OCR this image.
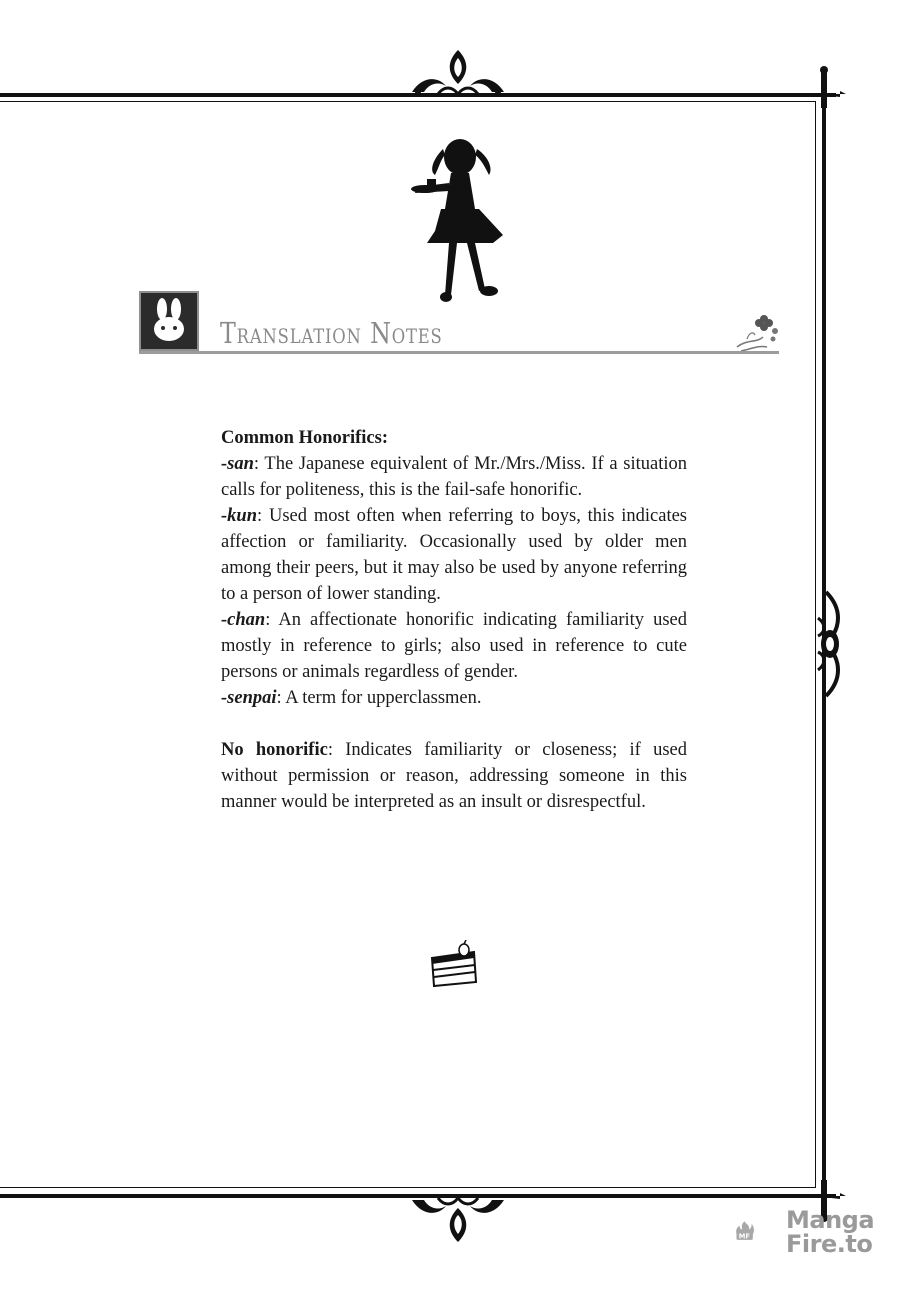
Translation Notes

Common Honorifics:

-san: The Japanese equivalent of Mr./Mrs./Miss. If a situation calls for politeness, this is the fail-safe honorific.

-kun: Used most often when referring to boys, this indicates affection or familiarity. Occasionally used by older men among their peers, but it may also be used by anyone referring to a person of lower standing.

-chan: An affectionate honorific indicating familiarity used mostly in reference to girls; also used in reference to cute persons or animals regardless of gender.

-senpai: A term for upperclassmen.

No honorific: Indicates familiarity or closeness; if used without permission or reason, addressing someone in this manner would be interpreted as an insult or disrespectful.

MF
Manga
Fire.to
